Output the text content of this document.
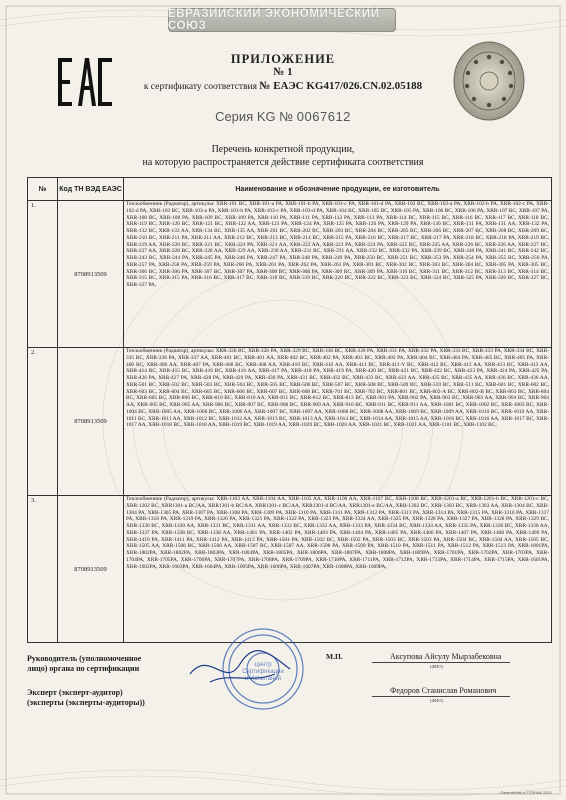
ЕВРАЗИЙСКИЙ ЭКОНОМИЧЕСКИЙ СОЮЗ
ПРИЛОЖЕНИЕ
№ 1
к сертификату соответствия № ЕАЭС KG417/026.CN.02.05188
Серия KG № 0067612
Перечень конкретной продукции,
на которую распространяется действие сертификата соответствия
№	Код ТН ВЭД ЕАЭС	Наименование и обозначение продукции, ее изготовитель
1.	8708913509	Теплообменник (Радиатор), артикулы: XRR-101 BC, XRR-101-a PA, XRR-101-b PA, XRR-101-c PA, XRR-101-d PA, XRR-102 BC, XRR-102-a PA, XRR-102-b PA, XRR-102-c PA, XRR-102-d PA, XRR-103 BC, XRR-103-a PA, XRR-103-b PA, XRR-103-c PA, XRR-103-d PA, XRR-104 BC, XRR-105 BC, XRR-105 PA, XRR-106 BC, XRR-106 PA, XRR-107 BC, XRR-107 PA, XRR-108 BC, XRR-108 PA, XRR-109 BC, XRR-109 PA, XRR-110 PA, XRR-111 PA, XRR-112 PA, XRR-113 PA, XRR-114 BC, XRR-115 BC, XRR-116 BC, XRR-117 BC, XRR-118 BC, XRR-119 BC, XRR-120 BC, XRR-121 BC, XRR-122 AA, XRR-123 PA, XRR-124 PA, XRR-125 PA, XRR-126 PA, XRR-129 PA, XRR-130 BC, XRR-131 PA, XRR-131 AA, XRR-132 PA, XRR-132 BC, XRR-133 AA, XRR-134 BC, XRR-135 AA, XRR-201 BC, XRR-202 BC, XRR-203 BC, XRR-204 BC, XRR-205 BC, XRR-206 BC, XRR-207 BC, XRR-208 BC, XRR-209 BC, XRR-210 BC, XRR-211 PA, XRR-211 AA, XRR-212 BC, XRR-213 BC, XRR-214 BC, XRR-215 PA, XRR-216 BC, XRR-217 BC, XRR-217 PA, XRR-218 BC, XRR-218 PA, XRR-219 BC, XRR-219 AA, XRR-220 BC, XRR-221 BC, XRR-221 PA, XRR-221 AA, XRR-222 AA, XRR-223 PA, XRR-224 PA, XRR-225 BC, XRR-225 AA, XRR-226 BC, XRR-226 AA, XRR-227 BC, XRR-227 AA, XRR-228 BC, XRR-228 AA, XRR-229 AA, XRR-230 AA, XRR-231 BC, XRR-231 AA, XRR-232 BC, XRR-232 PA, XRR-239 BC, XRR-240 PA, XRR-241 BC, XRR-242 BC, XRR-243 BC, XRR-244 PA, XRR-245 PA, XRR-246 PA, XRR-247 PA, XRR-248 PA, XRR-249 PA, XRR-250 BC, XRR-251 BC, XRR-253 PA, XRR-254 PA, XRR-255 BC, XRR-256 PA, XRR-257 PA, XRR-258 PA, XRR-259 PA, XRR-260 PA, XRR-261 PA, XRR-262 PA, XRR-263 PA, XRR-301 BC, XRR-302 BC, XRR-303 BC, XRR-304 BC, XRR-305 PA, XRR-305 BC, XRR-306 BC, XRR-306 PA, XRR-307 BC, XRR-307 PA, XRR-308 BC, XRR-308 PA, XRR-309 BC, XRR-309 PA, XRR-310 BC, XRR-311 BC, XRR-312 BC, XRR-313 BC, XRR-314 BC, XRR-315 BC, XRR-315 PA, XRR-316 BC, XRR-317 BC, XRR-318 BC, XRR-319 BC, XRR-320 BC, XRR-322 BC, XRR-323 BC, XRR-324 BC, XRR-325 PA, XRR-326 BC, XRR-327 BC, XRR-327 PA,

2.	8708913509	Теплообменник (Радиатор), артикулы: XRR-328 BC, XRR-328 PA, XRR-329 BC, XRR-330 BC, XRR-330 PA, XRR-331 PA, XRR-332 PA, XRR-333 BC, XRR-333 PA, XRR-334 BC, XRR-335 BC, XRR-336 PA, XRR-337 AA, XRR-401 BC, XRR-401 AA, XRR-402 BC, XRR-402 PA, XRR-403 BC, XRR-403 PA, XRR-404 BC, XRR-404 PA, XRR-405 BC, XRR-405 PA, XRR-406 BC, XRR-406 AA, XRR-407 PA, XRR-408 BC, XRR-408 AA, XRR-410 BC, XRR-410 AA, XRR-411 BC, XRR-411-Y BC, XRR-412 BC, XRR-412 AA, XRR-413 BC, XRR-413 AA, XRR-414 BC, XRR-415 BC, XRR-416 BC, XRR-416 AA, XRR-417 PA, XRR-418 PA, XRR-419 PA, XRR-420 BC, XRR-421 BC, XRR-422 BC, XRR-423 PA, XRR-424 PA, XRR-425 PA, XRR-426 PA, XRR-427 PA, XRR-428 PA, XRR-429 PA, XRR-430 PA, XRR-431 BC, XRR-432 BC, XRR-433 BC, XRR-433 AA, XRR-435 BC, XRR-435 AA, XRR-436 BC, XRR-436 AA, XRR-501 BC, XRR-502 BC, XRR-503 BC, XRR-504 BC, XRR-505 BC, XRR-506 BC, XRR-507 BC, XRR-508 BC, XRR-509 BC, XRR-510 BC, XRR-511 BC, XRR-601 BC, XRR-602 BC, XRR-603 BC, XRR-604 BC, XRR-605 BC, XRR-606 BC, XRR-607 BC, XRR-608 BC, XRR-701 BC, XRR-702 BC, XRR-801 BC, XRR-802-A BC, XRR-802-B BC, XRR-803 BC, XRR-804 BC, XRR-805 BC, XRR-806 BC, XRR-810 BC, XRR-810 AA, XRR-811 BC, XRR-812 BC, XRR-813 BC, XRR-901 PA, XRR-902 PA, XRR-903 BC, XRR-903 AA, XRR-904 BC, XRR-904 AA, XRR-905 BC, XRR-905 AA, XRR-906 BC, XRR-907 BC, XRR-908 BC, XRR-909 AA, XRR-910 BC, XRR-911 BC, XRR-911 AA, XRR-1001 BC, XRR-1002 BC, XRR-1003 BC, XRR-1004 BC, XRR-1005 AA, XRR-1006 BC, XRR-1006 AA, XRR-1007 BC, XRR-1007 AA, XRR-1008 BC, XRR-1008 AA, XRR-1009 BC, XRR-1009 AA, XRR-1010 BC, XRR-1010 AA, XRR-1011 BC, XRR-1011 AA, XRR-1012 BC, XRR-1012 AA, XRR-1013 BC, XRR-1013 AA, XRR-1014 BC, XRR-1014 AA, XRR-1015 AA, XRR-1016 BC, XRR-1016 AA, XRR-1017 BC, XRR-1017 AA, XRR-1018 BC, XRR-1018 AA, XRR-1019 BC, XRR-1019 AA, XRR-1020 BC, XRR-1020 AA, XRR-1021 BC, XRR-1021 AA, XRR-1101 BC, XRR-1102 BC,

3.	8708913509	Теплообменник (Радиатор), артикулы: XRR-1103 AA, XRR-1104 AA, XRR-1105 AA, XRR-1106 AA, XRR-1107 BC, XRR-1108 BC, XRR-1201-a BC, XRR-1201-b BC, XRR-1201-c BC, XRR-1202 BC, XRR1301-a BC/AA, XRR1301-b BC/AA, XRR1301-c BC/AA, XRR1301-d BC/AA, XRR1301-e BC/AA, XRR-1302 BC, XRR-1303 BC, XRR-1303 AA, XRR-1304 BC, XRR-1304 PA, XRR-1305 PA, XRR-1307 PA, XRR-1308 PA, XRR-1309 PA, XRR-1310 PA, XRR-1311 PA, XRR-1312 PA, XRR-1313 PA, XRR-1314 PA, XRR-1315 PA, XRR-1316 PA, XRR-1317 PA, XRR-1318 PA, XRR-1319 PA, XRR-1320 PA, XRR-1321 PA, XRR-1322 PA, XRR-1323 PA, XRR-1324 AA, XRR-1325 PA, XRR-1326 PA, XRR-1327 PA, XRR-1328 PA, XRR-1329 BC, XRR-1330 BC, XRR-1330 AA, XRR-1331 BC, XRR-1331 AA, XRR-1332 BC, XRR-1332 AA, XRR-1333 PA, XRR-1334 BC, XRR-1334 AA, XRR-1335 PA, XRR-1336 BC, XRR-1336 AA, XRR-1337 PA, XRR-1338 BC, XRR-1338 AA, XRR-1401 PA, XRR-1402 PA, XRR-1403 PA, XRR-1404 PA, XRR-1405 PA, XRR-1406 PA, XRR-1407 PA, XRR-1408 PA, XRR-1409 PA, XRR-1410 PA, XRR-1411 PA, XRR-1412 PA, XRR-1413 PA, XRR-1501 PA, XRR-1502 BC, XRR-1502 PA, XRR-1503 BC, XRR-1503 PA, XRR-1504 BC, XRR-1504 AA, XRR-1505 BC, XRR-1505 AA, XRR-1506 BC, XRR-1506 AA, XRR-1507 BC, XRR-1507 AA, XRR-1508 PA, XRR-1509 PA, XRR-1510 PA, XRR-1511 PA, XRR-1512 PA, XRR-1513 PA, XRR-1801PA, XRR-1802PA, XRR-1802PA, XRR-1803PA, XRR-1804PA, XRR-1805PA, XRR-1806PA, XRR-1807PA, XRR-1808PA, XRR-1809PA, XRR-1701PA, XRR-1702PA, XRR-1703PA, XRR-1704PA, XRR-1705PA, XRR-1706PA, XRR-1707PA, XRR-1708PA, XRR-1709PA, XRR-1710PA, XRR-1711PA, XRR-1712PA, XRR-1713PA, XRR-1714PA, XRR-1715PA, XRR-1601PA, XRR-1602PA, XRR-1603PA, XRR-1604PA, XRR-1605PA, XRR-1606PA, XRR-1607PA, XRR-1608PA, XRR-1609PA,
Руководитель (уполномоченное
лицо) органа по сертификации
Эксперт (эксперт-аудитор)
(эксперты (эксперты-аудиторы))
Центр
Сертификации
и Испытаний
М.П.	Аксупова Айсулу Мырзабековна
(ФИО)
Федоров Станислав Романович
(ФИО)
Отпечатано в ГОЗНАК 2021
